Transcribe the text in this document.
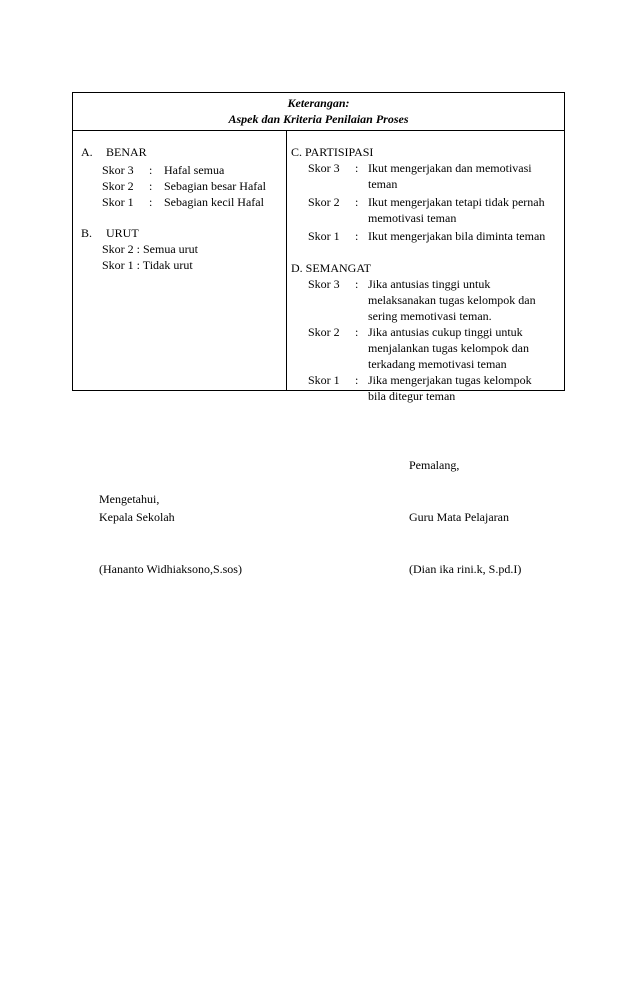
Keterangan:
Aspek dan Kriteria Penilaian Proses
A. BENAR
Skor 3 : Hafal semua
Skor 2 : Sebagian besar Hafal
Skor 1 : Sebagian kecil Hafal
B. URUT
Skor 2 : Semua urut
Skor 1 : Tidak urut
C. PARTISIPASI
Skor 3 : Ikut mengerjakan dan memotivasi
teman
Skor 2 : Ikut mengerjakan tetapi tidak pernah
memotivasi teman
Skor 1 : Ikut mengerjakan bila diminta teman
D. SEMANGAT
Skor 3 : Jika antusias tinggi untuk
melaksanakan tugas kelompok dan
sering memotivasi teman.
Skor 2 : Jika antusias cukup tinggi untuk
menjalankan tugas kelompok dan
terkadang memotivasi teman
Skor 1 : Jika mengerjakan tugas kelompok
bila ditegur teman
Pemalang,
Mengetahui,
Kepala Sekolah	Guru Mata Pelajaran
(Hananto Widhiaksono,S.sos)	(Dian ika rini.k, S.pd.I)
